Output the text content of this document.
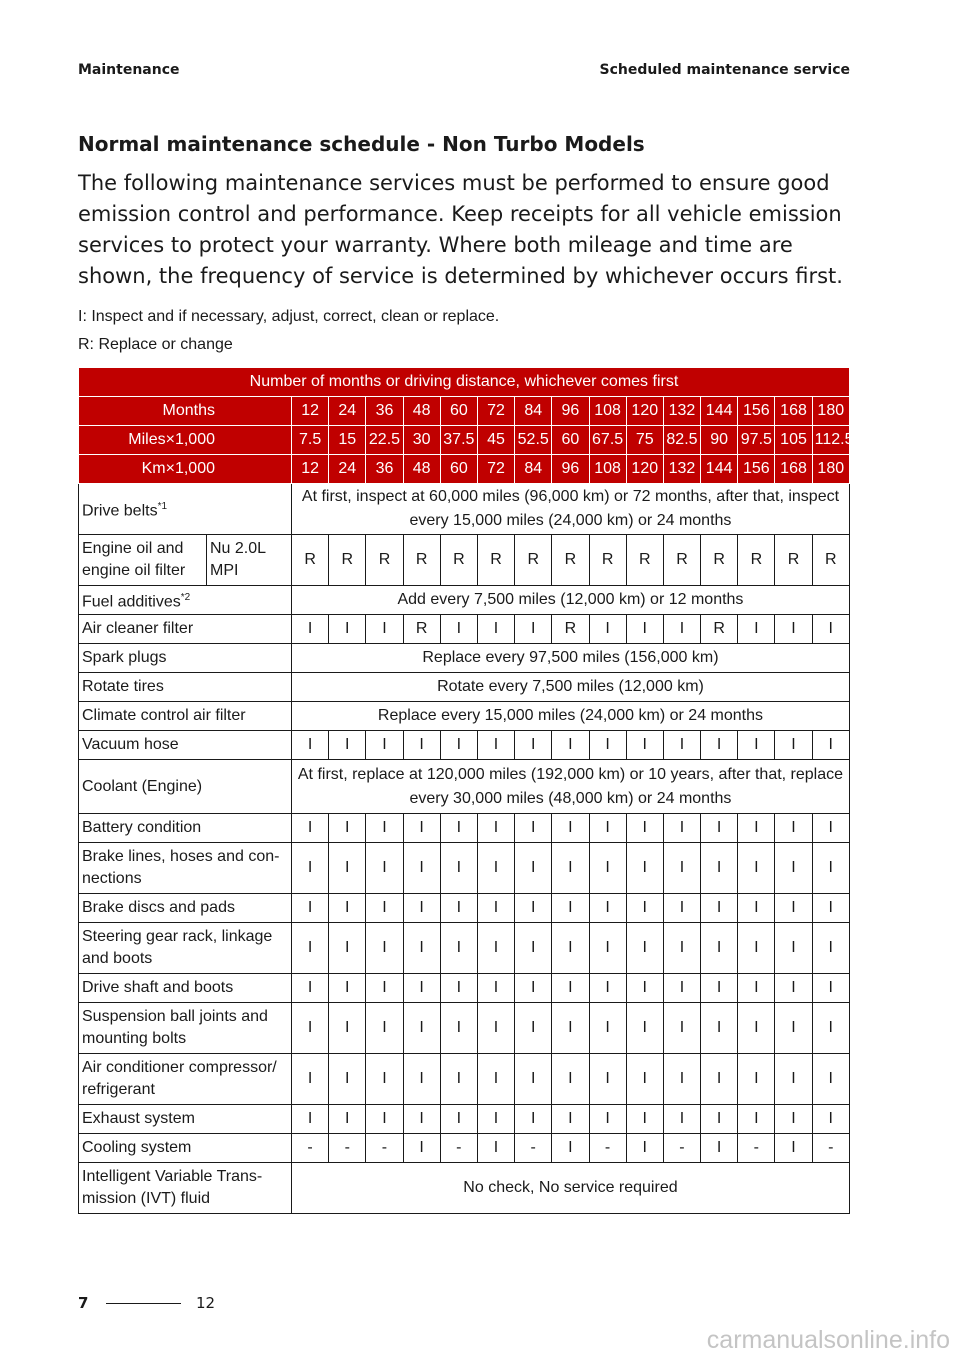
Maintenance	Scheduled maintenance service
Normal maintenance schedule - Non Turbo Models

The following maintenance services must be performed to ensure good emission control and performance. Keep receipts for all vehicle emission services to protect your warranty. Where both mileage and time are shown, the frequency of service is determined by whichever occurs first.

I: Inspect and if necessary, adjust, correct, clean or replace.

R: Replace or change

Number of months or driving distance, whichever comes first																
Months		12	24	36	48	60	72	84	96	108	120	132	144	156	168	180
Miles×1,000		7.5	15	22.5	30	37.5	45	52.5	60	67.5	75	82.5	90	97.5	105	112.5
Km×1,000		12	24	36	48	60	72	84	96	108	120	132	144	156	168	180
Drive belts$^{*1}$		At first, inspect at 60,000 miles (96,000 km) or 72 months, after that, inspect every 15,000 miles (24,000 km) or 24 months														
Engine oil and engine oil filter	Nu 2.0L MPI	R	R	R	R	R	R	R	R	R	R	R	R	R	R	R
Fuel additives$^{*2}$		Add every 7,500 miles (12,000 km) or 12 months														
Air cleaner filter		I	I	I	R	I	I	I	R	I	I	I	R	I	I	I
Spark plugs		Replace every 97,500 miles (156,000 km)														
Rotate tires		Rotate every 7,500 miles (12,000 km)														
Climate control air filter		Replace every 15,000 miles (24,000 km) or 24 months														
Vacuum hose		I	I	I	I	I	I	I	I	I	I	I	I	I	I	I
Coolant (Engine)		At first, replace at 120,000 miles (192,000 km) or 10 years, after that, replace every 30,000 miles (48,000 km) or 24 months														
Battery condition		I	I	I	I	I	I	I	I	I	I	I	I	I	I	I
Brake lines, hoses and con-nections		I	I	I	I	I	I	I	I	I	I	I	I	I	I	I
Brake discs and pads		I	I	I	I	I	I	I	I	I	I	I	I	I	I	I
Steering gear rack, linkage and boots		I	I	I	I	I	I	I	I	I	I	I	I	I	I	I
Drive shaft and boots		I	I	I	I	I	I	I	I	I	I	I	I	I	I	I
Suspension ball joints and mounting bolts		I	I	I	I	I	I	I	I	I	I	I	I	I	I	I
Air conditioner compressor/ refrigerant		I	I	I	I	I	I	I	I	I	I	I	I	I	I	I
Exhaust system		I	I	I	I	I	I	I	I	I	I	I	I	I	I	I
Cooling system		-	-	-	I	-	I	-	I	-	I	-	I	-	I	-
Intelligent Variable Trans-mission (IVT) fluid		No check, No service required														
7	12
carmanualsonline.info
